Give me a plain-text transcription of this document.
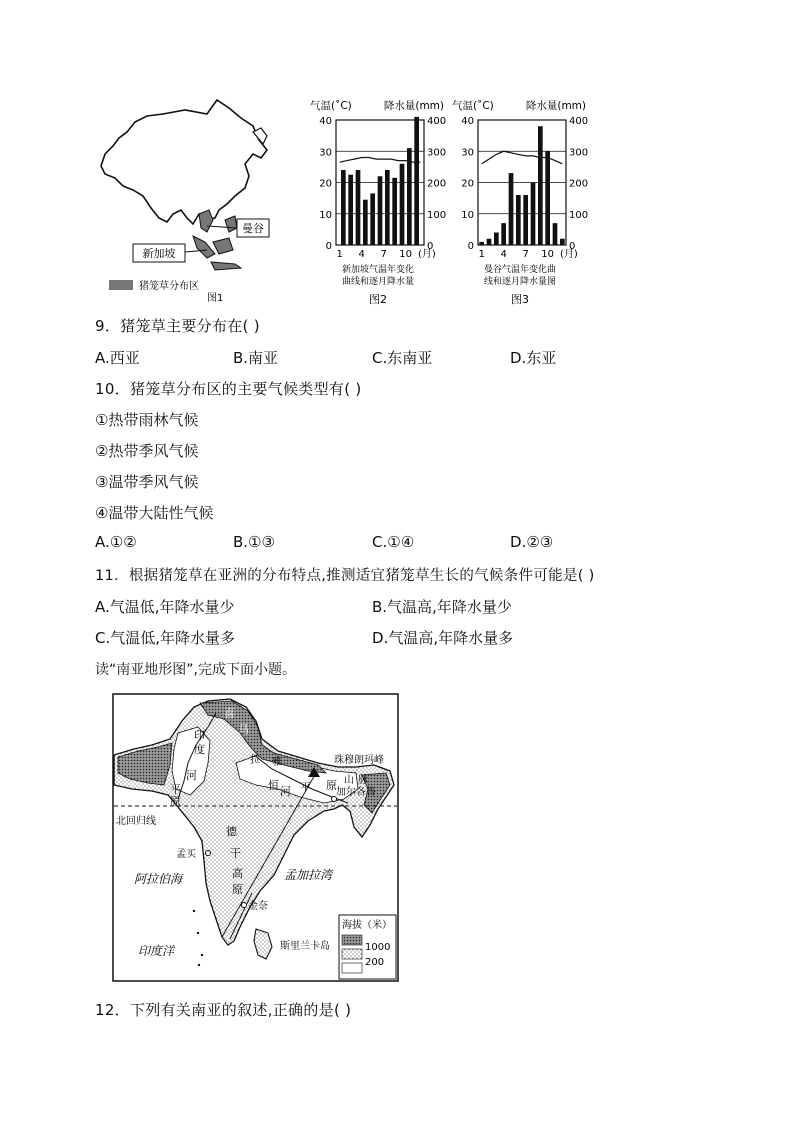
曼谷
新加坡
猪笼草分布区
图1
气温(˚C)	降水量(mm)
0
10
20
30
40
0
100
200
300
400
1 4 7 10 (月)
新加坡气温年变化
曲线和逐月降水量
图2
气温(˚C)	降水量(mm)
0
10
20
30
40
0
100
200
300
400
1 4 7 10 (月)
曼谷气温年变化曲
线和逐月降水量图
图3
9．猪笼草主要分布在( )
A.西亚	B.南亚	C.东南亚	D.东亚
10．猪笼草分布区的主要气候类型有( )
①热带雨林气候
②热带季风气候
③温带季风气候
④温带大陆性气候
A.①②	B.①③	C.①④	D.②③
11．根据猪笼草在亚洲的分布特点,推测适宜猪笼草生长的气候条件可能是( )
A.气温低,年降水量少	B.气温高,年降水量少
C.气温低,年降水量多	D.气温高,年降水量多
读“南亚地形图”,完成下面小题。
北回归线
珠穆朗玛峰
孟买
加尔各答
金奈
阿拉伯海	孟加拉湾
印度洋	斯里兰卡岛
印
度
河
平
原
恒 河 平 原
德
干
高
原
喜
马
拉 雅
山 脉
海拔（米）
1000
200
12．下列有关南亚的叙述,正确的是( )
